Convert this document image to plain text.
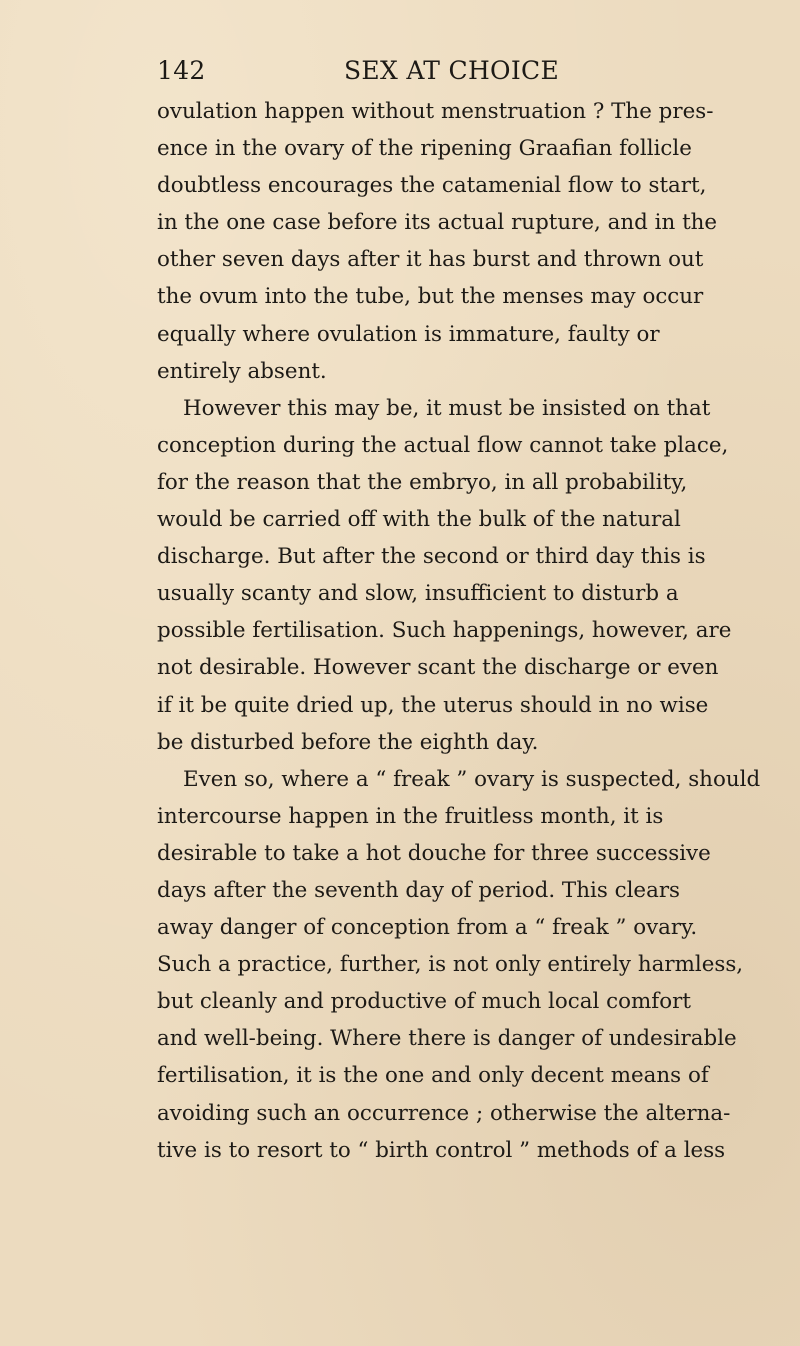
142	SEX AT CHOICE
ovulation happen without menstruation ? The pres-
ence in the ovary of the ripening Graafian follicle
doubtless encourages the catamenial flow to start,
in the one case before its actual rupture, and in the
other seven days after it has burst and thrown out
the ovum into the tube, but the menses may occur
equally where ovulation is immature, faulty or
entirely absent.
However this may be, it must be insisted on that
conception during the actual flow cannot take place,
for the reason that the embryo, in all probability,
would be carried off with the bulk of the natural
discharge. But after the second or third day this is
usually scanty and slow, insufficient to disturb a
possible fertilisation. Such happenings, however, are
not desirable. However scant the discharge or even
if it be quite dried up, the uterus should in no wise
be disturbed before the eighth day.
Even so, where a “ freak ” ovary is suspected, should
intercourse happen in the fruitless month, it is
desirable to take a hot douche for three successive
days after the seventh day of period. This clears
away danger of conception from a “ freak ” ovary.
Such a practice, further, is not only entirely harmless,
but cleanly and productive of much local comfort
and well-being. Where there is danger of undesirable
fertilisation, it is the one and only decent means of
avoiding such an occurrence ; otherwise the alterna-
tive is to resort to “ birth control ” methods of a less
